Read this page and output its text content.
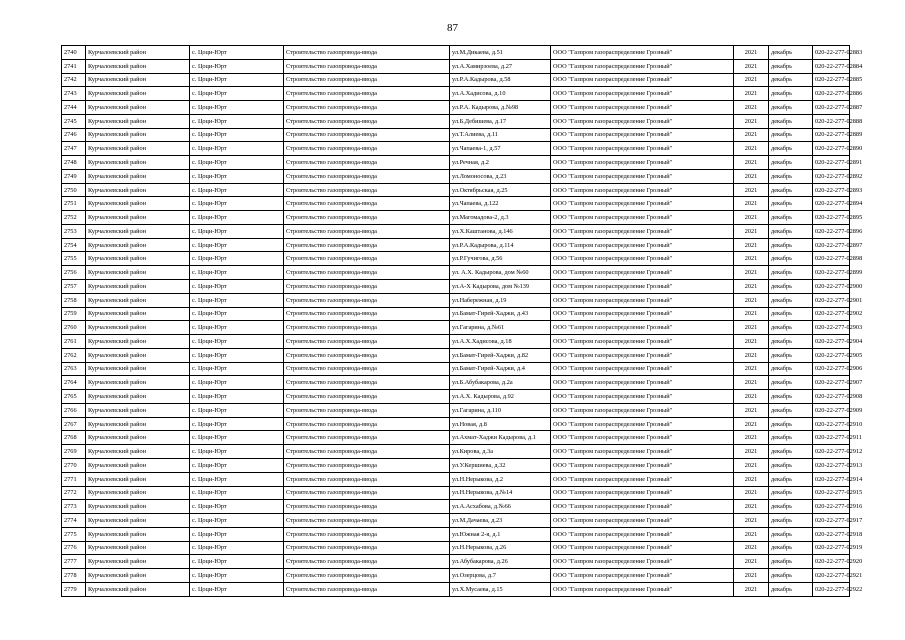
87
2740	Курчалоевский район	с. Цоци-Юрт	Строительство газопровода-ввода	ул.М.Дикаева, д.51	ООО "Газпром газораспределение Грозный"	2021	декабрь	020-22-277-02883
2741	Курчалоевский район	с. Цоци-Юрт	Строительство газопровода-ввода	ул.А.Хамирзоева, д.27	ООО "Газпром газораспределение Грозный"	2021	декабрь	020-22-277-02884
2742	Курчалоевский район	с. Цоци-Юрт	Строительство газопровода-ввода	ул.Р.А.Кадырова, д.58	ООО "Газпром газораспределение Грозный"	2021	декабрь	020-22-277-02885
2743	Курчалоевский район	с. Цоци-Юрт	Строительство газопровода-ввода	ул.А.Хадисова, д.10	ООО "Газпром газораспределение Грозный"	2021	декабрь	020-22-277-02886
2744	Курчалоевский район	с. Цоци-Юрт	Строительство газопровода-ввода	ул.Р.А. Кадырова, д.№98	ООО "Газпром газораспределение Грозный"	2021	декабрь	020-22-277-02887
2745	Курчалоевский район	с. Цоци-Юрт	Строительство газопровода-ввода	ул.Б.Дебишева, д.17	ООО "Газпром газораспределение Грозный"	2021	декабрь	020-22-277-02888
2746	Курчалоевский район	с. Цоци-Юрт	Строительство газопровода-ввода	ул.Т.Алиева, д.11	ООО "Газпром газораспределение Грозный"	2021	декабрь	020-22-277-02889
2747	Курчалоевский район	с. Цоци-Юрт	Строительство газопровода-ввода	ул.Чапаева-1, д.57	ООО "Газпром газораспределение Грозный"	2021	декабрь	020-22-277-02890
2748	Курчалоевский район	с. Цоци-Юрт	Строительство газопровода-ввода	ул.Речная, д.2	ООО "Газпром газораспределение Грозный"	2021	декабрь	020-22-277-02891
2749	Курчалоевский район	с. Цоци-Юрт	Строительство газопровода-ввода	ул.Ломоносова, д.23	ООО "Газпром газораспределение Грозный"	2021	декабрь	020-22-277-02892
2750	Курчалоевский район	с. Цоци-Юрт	Строительство газопровода-ввода	ул.Октябрьская, д.25	ООО "Газпром газораспределение Грозный"	2021	декабрь	020-22-277-02893
2751	Курчалоевский район	с. Цоци-Юрт	Строительство газопровода-ввода	ул.Чапаева, д.122	ООО "Газпром газораспределение Грозный"	2021	декабрь	020-22-277-02894
2752	Курчалоевский район	с. Цоци-Юрт	Строительство газопровода-ввода	ул.Магомадова-2, д.3	ООО "Газпром газораспределение Грозный"	2021	декабрь	020-22-277-02895
2753	Курчалоевский район	с. Цоци-Юрт	Строительство газопровода-ввода	ул.Х.Каштанова, д.146	ООО "Газпром газораспределение Грозный"	2021	декабрь	020-22-277-02896
2754	Курчалоевский район	с. Цоци-Юрт	Строительство газопровода-ввода	ул.Р.А.Кадырова, д.114	ООО "Газпром газораспределение Грозный"	2021	декабрь	020-22-277-02897
2755	Курчалоевский район	с. Цоци-Юрт	Строительство газопровода-ввода	ул.Р.Гучигова, д.56	ООО "Газпром газораспределение Грозный"	2021	декабрь	020-22-277-02898
2756	Курчалоевский район	с. Цоци-Юрт	Строительство газопровода-ввода	ул. А.Х. Кадырова, дом №60	ООО "Газпром газораспределение Грозный"	2021	декабрь	020-22-277-02899
2757	Курчалоевский район	с. Цоци-Юрт	Строительство газопровода-ввода	ул.А-Х Кадырова, дом №139	ООО "Газпром газораспределение Грозный"	2021	декабрь	020-22-277-02900
2758	Курчалоевский район	с. Цоци-Юрт	Строительство газопровода-ввода	ул.Набережная, д.19	ООО "Газпром газораспределение Грозный"	2021	декабрь	020-22-277-02901
2759	Курчалоевский район	с. Цоци-Юрт	Строительство газопровода-ввода	ул.Бамат-Гирей-Хаджи, д.43	ООО "Газпром газораспределение Грозный"	2021	декабрь	020-22-277-02902
2760	Курчалоевский район	с. Цоци-Юрт	Строительство газопровода-ввода	ул.Гагарина, д.№61	ООО "Газпром газораспределение Грозный"	2021	декабрь	020-22-277-02903
2761	Курчалоевский район	с. Цоци-Юрт	Строительство газопровода-ввода	ул.А.Х.Хадисова, д.18	ООО "Газпром газораспределение Грозный"	2021	декабрь	020-22-277-02904
2762	Курчалоевский район	с. Цоци-Юрт	Строительство газопровода-ввода	ул.Бамат-Гирей-Хаджи, д.82	ООО "Газпром газораспределение Грозный"	2021	декабрь	020-22-277-02905
2763	Курчалоевский район	с. Цоци-Юрт	Строительство газопровода-ввода	ул.Бамат-Гирей-Хаджи, д.4	ООО "Газпром газораспределение Грозный"	2021	декабрь	020-22-277-02906
2764	Курчалоевский район	с. Цоци-Юрт	Строительство газопровода-ввода	ул.Б.Абубакарова, д.2а	ООО "Газпром газораспределение Грозный"	2021	декабрь	020-22-277-02907
2765	Курчалоевский район	с. Цоци-Юрт	Строительство газопровода-ввода	ул.А.Х. Кадырова, д.92	ООО "Газпром газораспределение Грозный"	2021	декабрь	020-22-277-02908
2766	Курчалоевский район	с. Цоци-Юрт	Строительство газопровода-ввода	ул.Гагарина, д.110	ООО "Газпром газораспределение Грозный"	2021	декабрь	020-22-277-02909
2767	Курчалоевский район	с. Цоци-Юрт	Строительство газопровода-ввода	ул.Новая, д.8	ООО "Газпром газораспределение Грозный"	2021	декабрь	020-22-277-02910
2768	Курчалоевский район	с. Цоци-Юрт	Строительство газопровода-ввода	ул.Ахмат-Хаджи Кадырова, д.1	ООО "Газпром газораспределение Грозный"	2021	декабрь	020-22-277-02911
2769	Курчалоевский район	с. Цоци-Юрт	Строительство газопровода-ввода	ул.Кирова, д.3а	ООО "Газпром газораспределение Грозный"	2021	декабрь	020-22-277-02912
2770	Курчалоевский район	с. Цоци-Юрт	Строительство газопровода-ввода	ул.У.Кершиева, д.32	ООО "Газпром газораспределение Грозный"	2021	декабрь	020-22-277-02913
2771	Курчалоевский район	с. Цоци-Юрт	Строительство газопровода-ввода	ул.Н.Нерыкова, д.2	ООО "Газпром газораспределение Грозный"	2021	декабрь	020-22-277-02914
2772	Курчалоевский район	с. Цоци-Юрт	Строительство газопровода-ввода	ул.Н.Нерыкова, д.№14	ООО "Газпром газораспределение Грозный"	2021	декабрь	020-22-277-02915
2773	Курчалоевский район	с. Цоци-Юрт	Строительство газопровода-ввода	ул.А.Асхабова, д.№66	ООО "Газпром газораспределение Грозный"	2021	декабрь	020-22-277-02916
2774	Курчалоевский район	с. Цоци-Юрт	Строительство газопровода-ввода	ул.М.Дачаева, д.23	ООО "Газпром газораспределение Грозный"	2021	декабрь	020-22-277-02917
2775	Курчалоевский район	с. Цоци-Юрт	Строительство газопровода-ввода	ул.Южная 2-я, д.1	ООО "Газпром газораспределение Грозный"	2021	декабрь	020-22-277-02918
2776	Курчалоевский район	с. Цоци-Юрт	Строительство газопровода-ввода	ул.Н.Нерыкова, д.26	ООО "Газпром газораспределение Грозный"	2021	декабрь	020-22-277-02919
2777	Курчалоевский район	с. Цоци-Юрт	Строительство газопровода-ввода	ул.Абубакарова, д.26	ООО "Газпром газораспределение Грозный"	2021	декабрь	020-22-277-02920
2778	Курчалоевский район	с. Цоци-Юрт	Строительство газопровода-ввода	ул.Озерцова, д.7	ООО "Газпром газораспределение Грозный"	2021	декабрь	020-22-277-02921
2779	Курчалоевский район	с. Цоци-Юрт	Строительство газопровода-ввода	ул.Х.Мусаева, д.15	ООО "Газпром газораспределение Грозный"	2021	декабрь	020-22-277-02922
